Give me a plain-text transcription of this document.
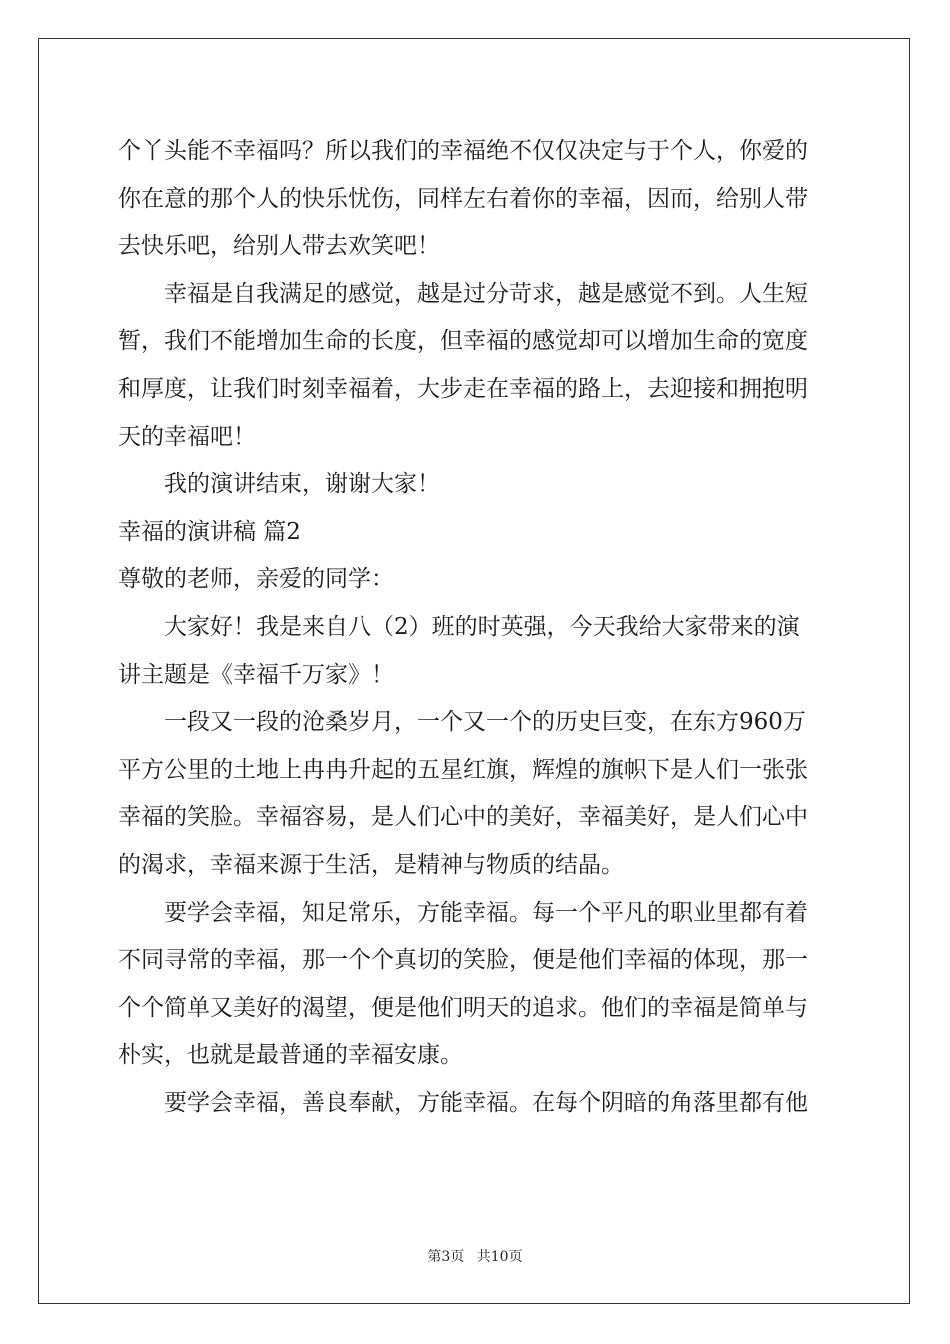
个丫头能不幸福吗？所以我们的幸福绝不仅仅决定与于个人，你爱的
你在意的那个人的快乐忧伤，同样左右着你的幸福，因而，给别人带
去快乐吧，给别人带去欢笑吧！
幸福是自我满足的感觉，越是过分苛求，越是感觉不到。人生短
暂，我们不能增加生命的长度，但幸福的感觉却可以增加生命的宽度
和厚度，让我们时刻幸福着，大步走在幸福的路上，去迎接和拥抱明
天的幸福吧！
我的演讲结束，谢谢大家！
幸福的演讲稿 篇2
尊敬的老师，亲爱的同学：
大家好！我是来自八（2）班的时英强，今天我给大家带来的演
讲主题是《幸福千万家》！
一段又一段的沧桑岁月，一个又一个的历史巨变，在东方960万
平方公里的土地上冉冉升起的五星红旗，辉煌的旗帜下是人们一张张
幸福的笑脸。幸福容易，是人们心中的美好，幸福美好，是人们心中
的渴求，幸福来源于生活，是精神与物质的结晶。
要学会幸福，知足常乐，方能幸福。每一个平凡的职业里都有着
不同寻常的幸福，那一个个真切的笑脸，便是他们幸福的体现，那一
个个简单又美好的渴望，便是他们明天的追求。他们的幸福是简单与
朴实，也就是最普通的幸福安康。
要学会幸福，善良奉献，方能幸福。在每个阴暗的角落里都有他
第3页 共10页
